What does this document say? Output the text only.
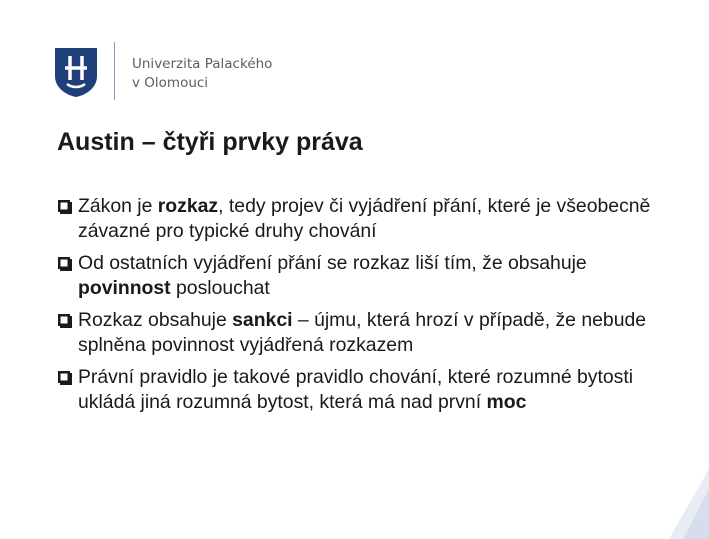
Univerzita Palackého
v Olomouci
Austin – čtyři prvky práva
Zákon je rozkaz, tedy projev či vyjádření přání, které je všeobecně závazné pro typické druhy chování
Od ostatních vyjádření přání se rozkaz liší tím, že obsahuje povinnost poslouchat
Rozkaz obsahuje sankci – újmu, která hrozí v případě, že nebude splněna povinnost vyjádřená rozkazem
Právní pravidlo je takové pravidlo chování, které rozumné bytosti ukládá jiná rozumná bytost, která má nad první moc
